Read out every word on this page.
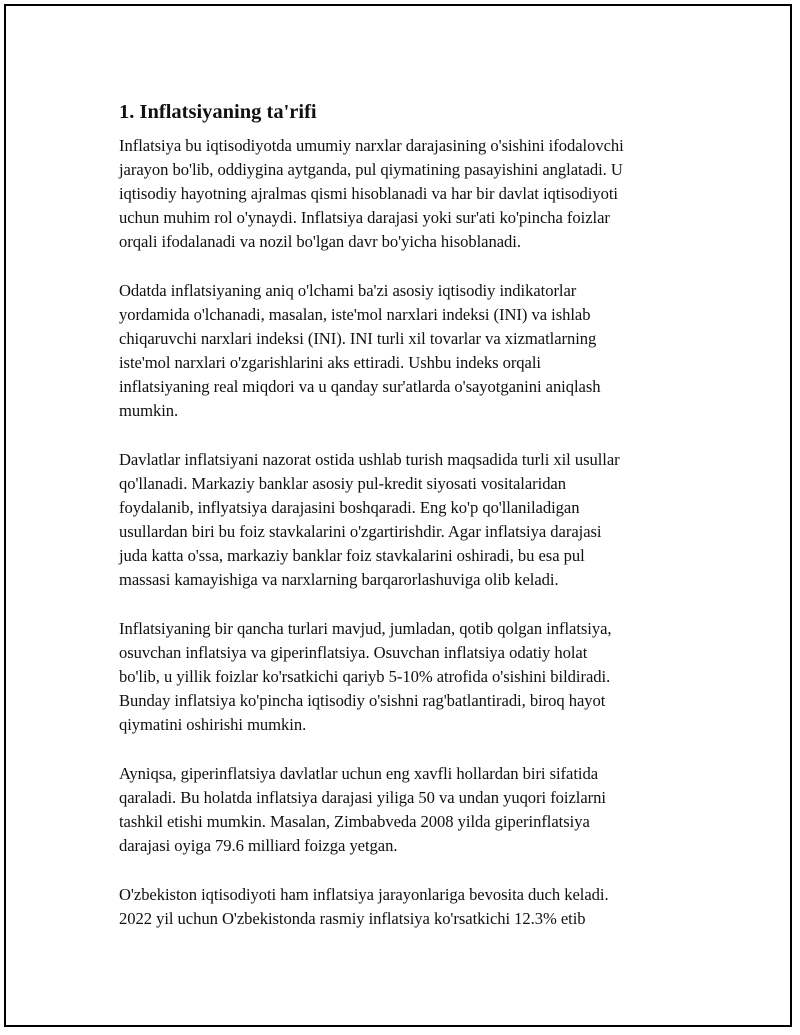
1. Inflatsiyaning ta'rifi

Inflatsiya bu iqtisodiyotda umumiy narxlar darajasining o'sishini ifodalovchi
jarayon bo'lib, oddiygina aytganda, pul qiymatining pasayishini anglatadi. U
iqtisodiy hayotning ajralmas qismi hisoblanadi va har bir davlat iqtisodiyoti
uchun muhim rol o'ynaydi. Inflatsiya darajasi yoki sur'ati ko'pincha foizlar
orqali ifodalanadi va nozil bo'lgan davr bo'yicha hisoblanadi.

Odatda inflatsiyaning aniq o'lchami ba'zi asosiy iqtisodiy indikatorlar
yordamida o'lchanadi, masalan, iste'mol narxlari indeksi (INI) va ishlab
chiqaruvchi narxlari indeksi (INI). INI turli xil tovarlar va xizmatlarning
iste'mol narxlari o'zgarishlarini aks ettiradi. Ushbu indeks orqali
inflatsiyaning real miqdori va u qanday sur'atlarda o'sayotganini aniqlash
mumkin.

Davlatlar inflatsiyani nazorat ostida ushlab turish maqsadida turli xil usullar
qo'llanadi. Markaziy banklar asosiy pul-kredit siyosati vositalaridan
foydalanib, inflyatsiya darajasini boshqaradi. Eng ko'p qo'llaniladigan
usullardan biri bu foiz stavkalarini o'zgartirishdir. Agar inflatsiya darajasi
juda katta o'ssa, markaziy banklar foiz stavkalarini oshiradi, bu esa pul
massasi kamayishiga va narxlarning barqarorlashuviga olib keladi.

Inflatsiyaning bir qancha turlari mavjud, jumladan, qotib qolgan inflatsiya,
osuvchan inflatsiya va giperinflatsiya. Osuvchan inflatsiya odatiy holat
bo'lib, u yillik foizlar ko'rsatkichi qariyb 5-10% atrofida o'sishini bildiradi.
Bunday inflatsiya ko'pincha iqtisodiy o'sishni rag'batlantiradi, biroq hayot
qiymatini oshirishi mumkin.

Ayniqsa, giperinflatsiya davlatlar uchun eng xavfli hollardan biri sifatida
qaraladi. Bu holatda inflatsiya darajasi yiliga 50 va undan yuqori foizlarni
tashkil etishi mumkin. Masalan, Zimbabveda 2008 yilda giperinflatsiya
darajasi oyiga 79.6 milliard foizga yetgan.

O'zbekiston iqtisodiyoti ham inflatsiya jarayonlariga bevosita duch keladi.
2022 yil uchun O'zbekistonda rasmiy inflatsiya ko'rsatkichi 12.3% etib
